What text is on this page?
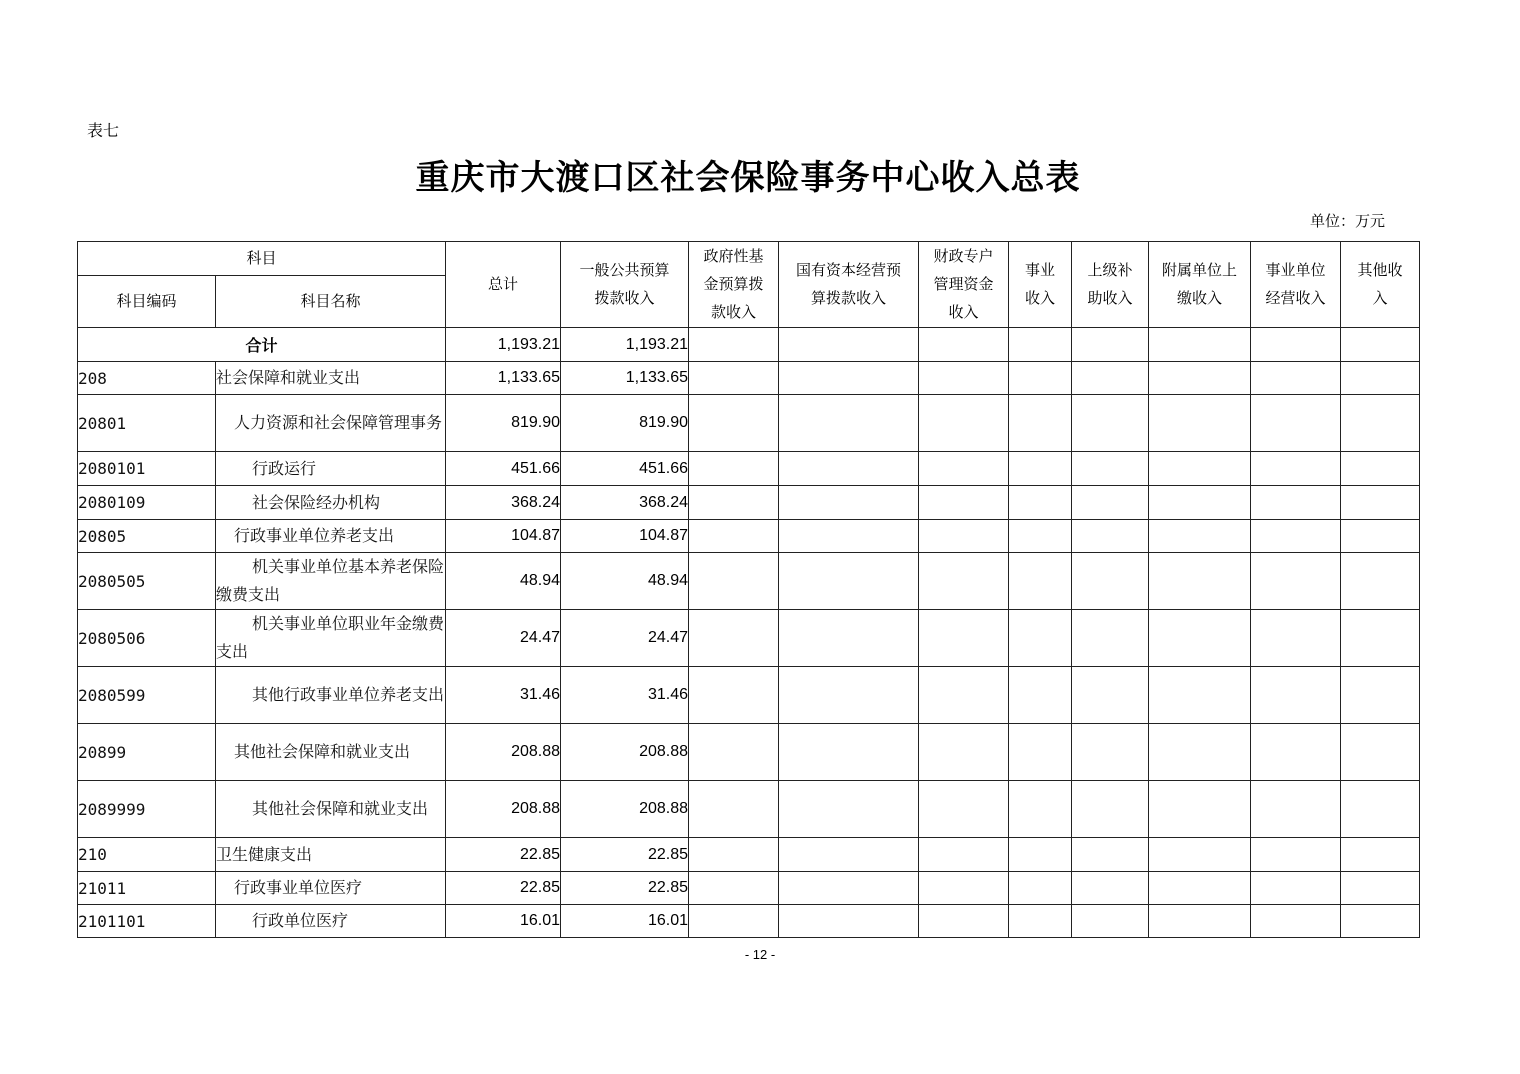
表七
重庆市大渡口区社会保险事务中心收入总表
单位：万元
科目		总计	一般公共预算拨款收入	政府性基金预算拨款收入	国有资本经营预算拨款收入	财政专户管理资金收入	事业收入	上级补助收入	附属单位上缴收入	事业单位经营收入	其他收入
科目编码	科目名称										
合计		1,193.21	1,193.21								
208	社会保障和就业支出	1,133.65	1,133.65								
20801	人力资源和社会保障管理事务	819.90	819.90								
2080101	行政运行	451.66	451.66								
2080109	社会保险经办机构	368.24	368.24								
20805	行政事业单位养老支出	104.87	104.87								
2080505	机关事业单位基本养老保险缴费支出	48.94	48.94								
2080506	机关事业单位职业年金缴费支出	24.47	24.47								
2080599	其他行政事业单位养老支出	31.46	31.46								
20899	其他社会保障和就业支出	208.88	208.88								
2089999	其他社会保障和就业支出	208.88	208.88								
210	卫生健康支出	22.85	22.85								
21011	行政事业单位医疗	22.85	22.85								
2101101	行政单位医疗	16.01	16.01								
- 12 -
